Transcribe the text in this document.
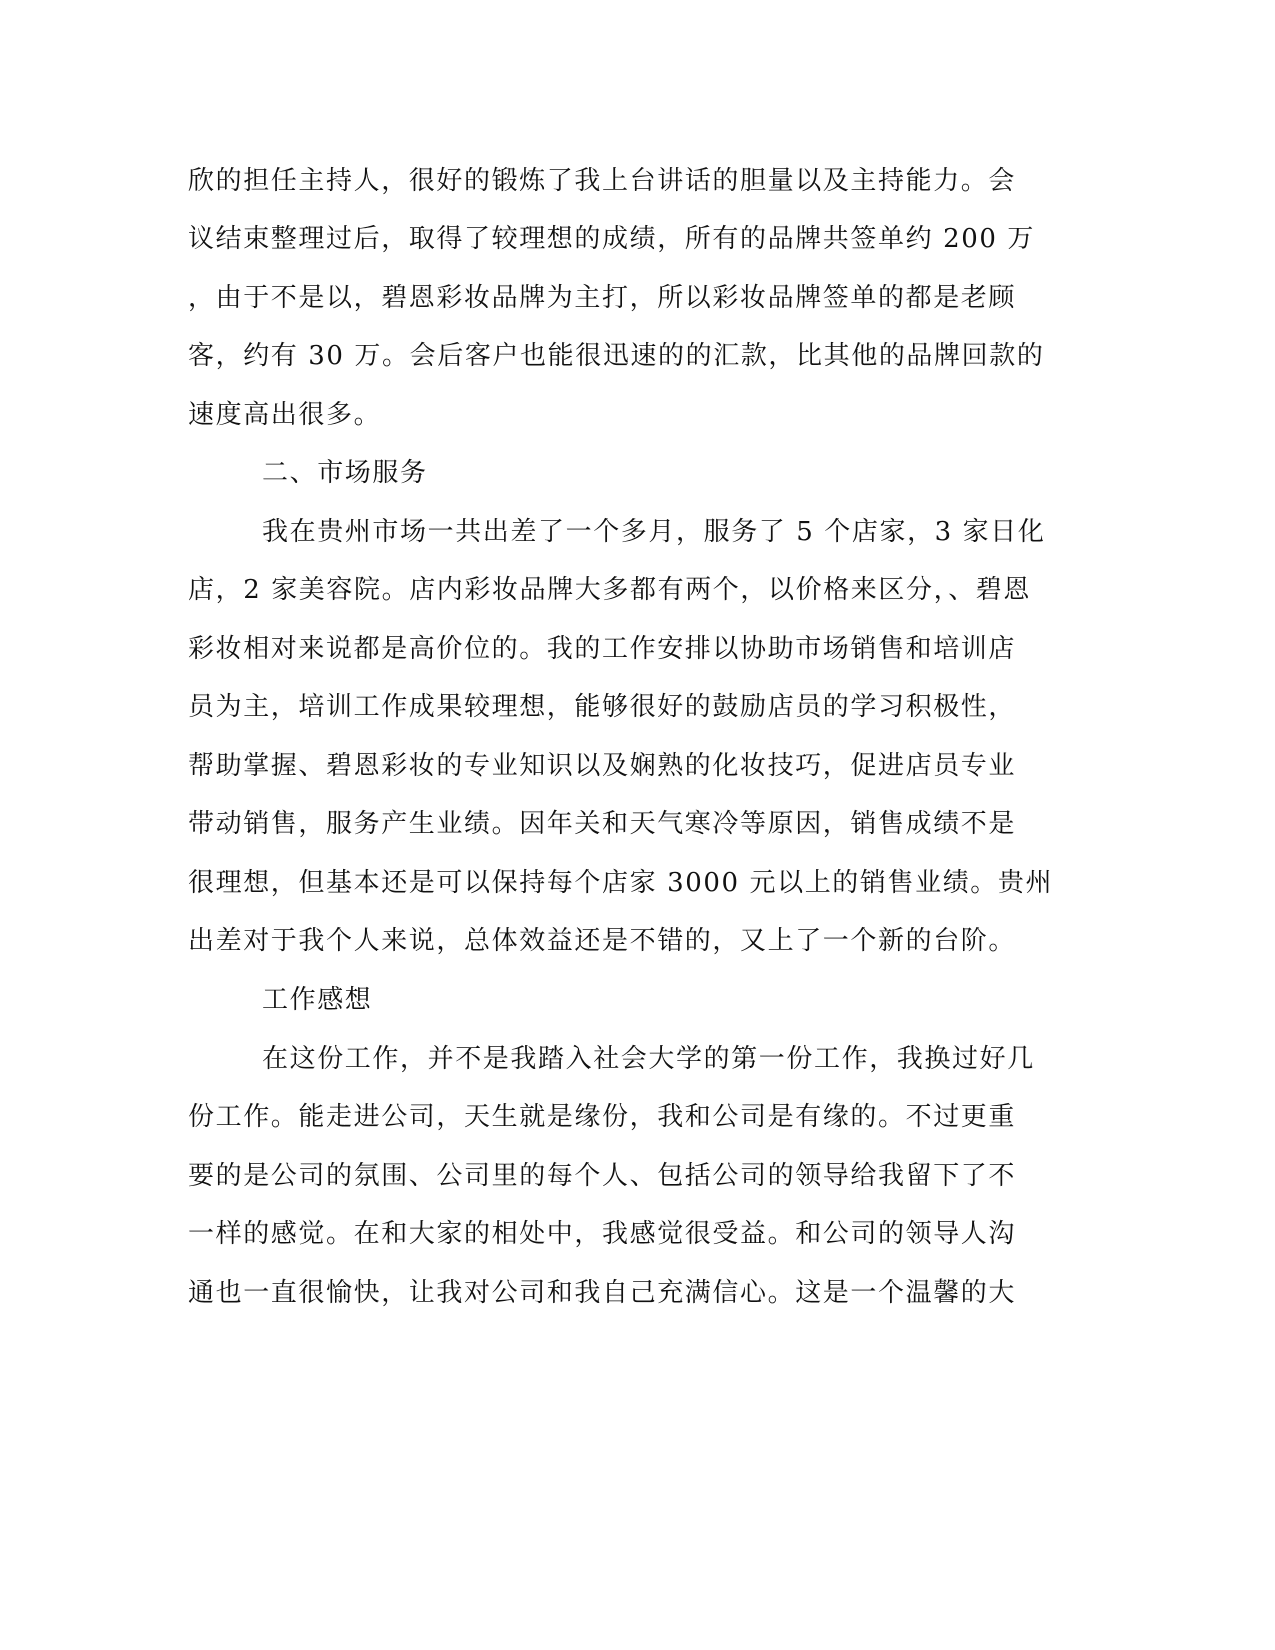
欣的担任主持人，很好的锻炼了我上台讲话的胆量以及主持能力。会
议结束整理过后，取得了较理想的成绩，所有的品牌共签单约 200 万
，由于不是以，碧恩彩妆品牌为主打，所以彩妆品牌签单的都是老顾
客，约有 30 万。会后客户也能很迅速的的汇款，比其他的品牌回款的
速度高出很多。
二、市场服务
我在贵州市场一共出差了一个多月，服务了 5 个店家，3 家日化
店，2 家美容院。店内彩妆品牌大多都有两个，以价格来区分，、碧恩
彩妆相对来说都是高价位的。我的工作安排以协助市场销售和培训店
员为主，培训工作成果较理想，能够很好的鼓励店员的学习积极性，
帮助掌握、碧恩彩妆的专业知识以及娴熟的化妆技巧，促进店员专业
带动销售，服务产生业绩。因年关和天气寒冷等原因，销售成绩不是
很理想，但基本还是可以保持每个店家 3000 元以上的销售业绩。贵州
出差对于我个人来说，总体效益还是不错的，又上了一个新的台阶。
工作感想
在这份工作，并不是我踏入社会大学的第一份工作，我换过好几
份工作。能走进公司，天生就是缘份，我和公司是有缘的。不过更重
要的是公司的氛围、公司里的每个人、包括公司的领导给我留下了不
一样的感觉。在和大家的相处中，我感觉很受益。和公司的领导人沟
通也一直很愉快，让我对公司和我自己充满信心。这是一个温馨的大
